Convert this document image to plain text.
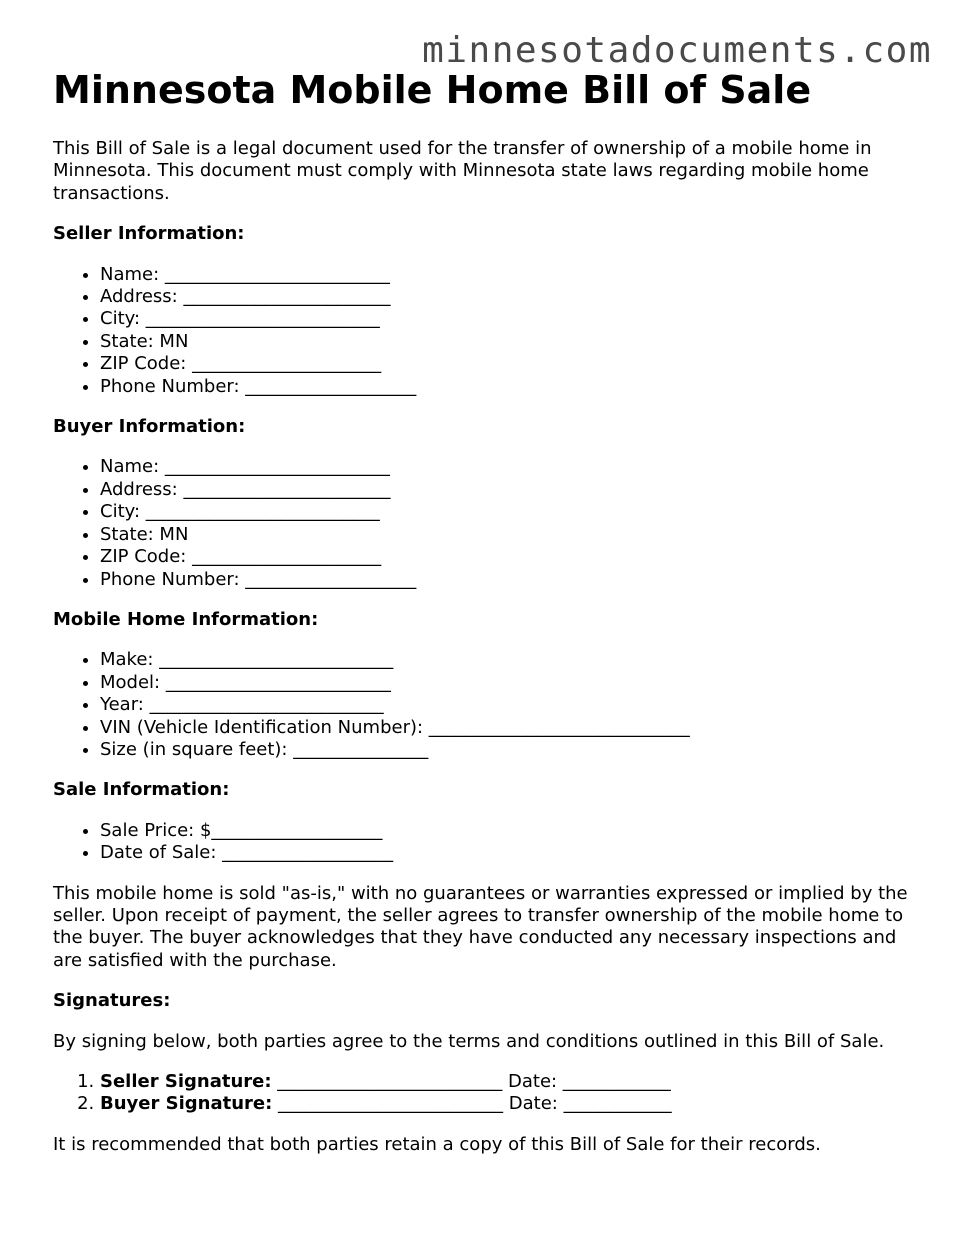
minnesotadocuments.com
Minnesota Mobile Home Bill of Sale

This Bill of Sale is a legal document used for the transfer of ownership of a mobile home in Minnesota. This document must comply with Minnesota state laws regarding mobile home transactions.

Seller Information:
• Name: _________________________
• Address: _______________________
• City: __________________________
• State: MN
• ZIP Code: _____________________
• Phone Number: ___________________
Buyer Information:
• Name: _________________________
• Address: _______________________
• City: __________________________
• State: MN
• ZIP Code: _____________________
• Phone Number: ___________________
Mobile Home Information:
• Make: __________________________
• Model: _________________________
• Year: __________________________
• VIN (Vehicle Identification Number): _____________________________
• Size (in square feet): _______________
Sale Information:
• Sale Price: $___________________
• Date of Sale: ___________________

This mobile home is sold "as-is," with no guarantees or warranties expressed or implied by the seller. Upon receipt of payment, the seller agrees to transfer ownership of the mobile home to the buyer. The buyer acknowledges that they have conducted any necessary inspections and are satisfied with the purchase.

Signatures:

By signing below, both parties agree to the terms and conditions outlined in this Bill of Sale.

1. Seller Signature: _________________________ Date: ____________
2. Buyer Signature: _________________________ Date: ____________

It is recommended that both parties retain a copy of this Bill of Sale for their records.
